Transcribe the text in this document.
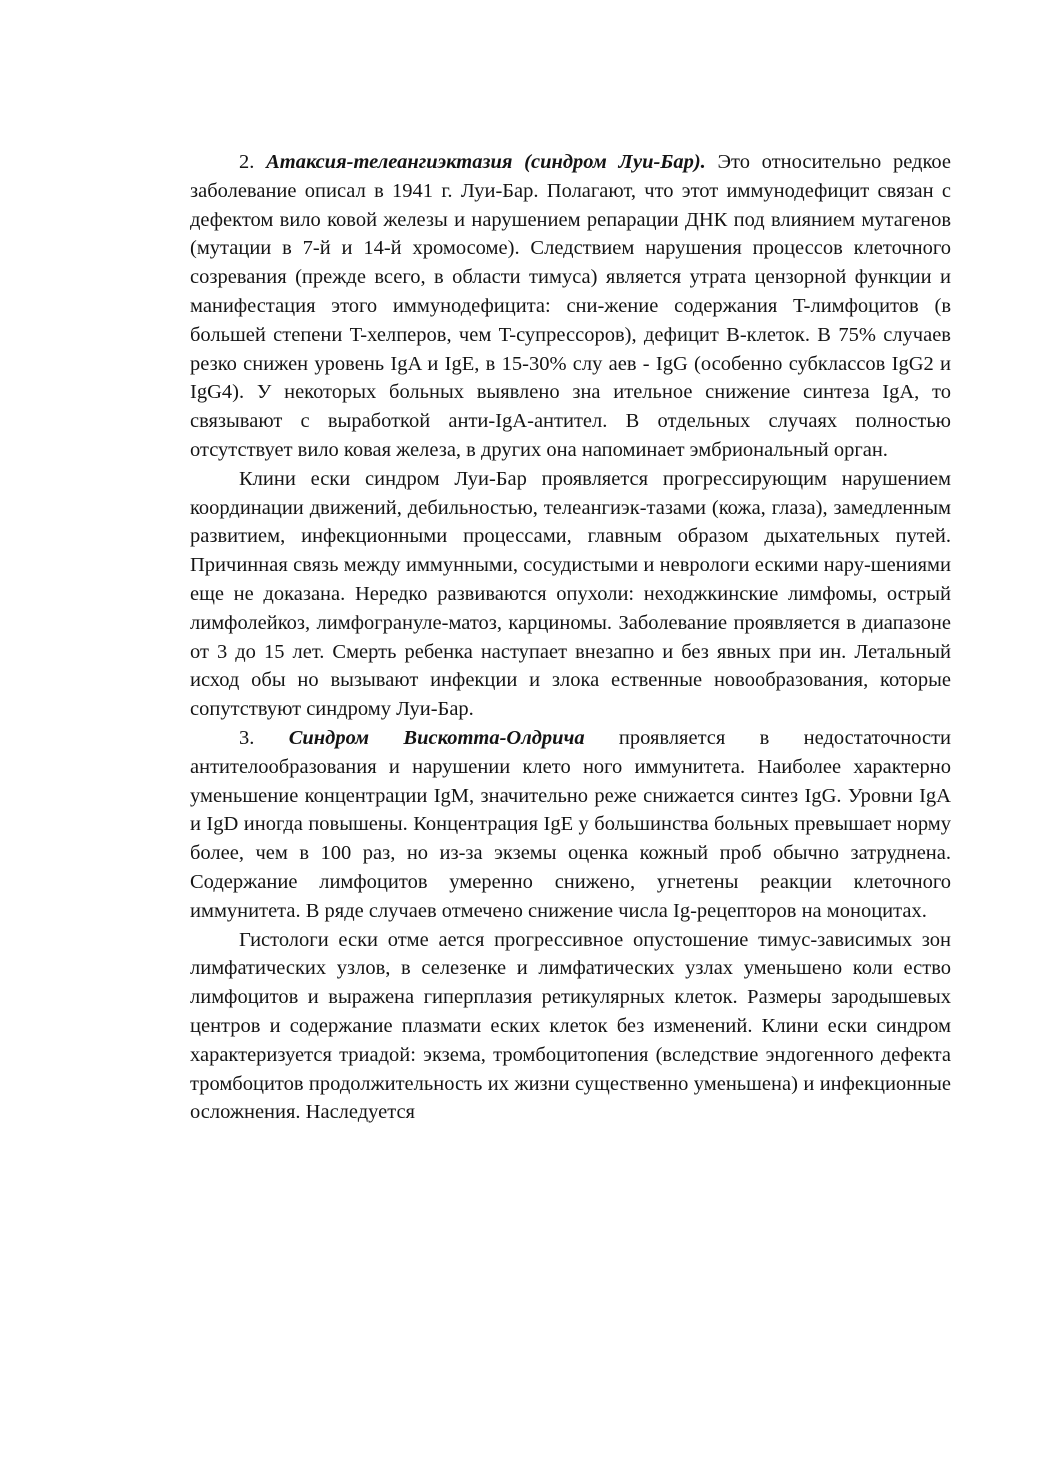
2. Атаксия-телеангиэктазия (синдром Луи-Бар). Это относительно редкое заболевание описал в 1941 г. Луи-Бар. Полагают, что этот иммунодефицит связан с дефектом вило ковой железы и нарушением репарации ДНК под влиянием мутагенов (мутации в 7-й и 14-й хромосоме). Следствием нарушения процессов клеточного созревания (прежде всего, в области тимуса) является утрата цензорной функции и манифестация этого иммунодефицита: сни-жение содержания T-лимфоцитов (в большей степени T-хелперов, чем T-супрессоров), дефицит B-клеток. В 75% случаев резко снижен уровень IgA и IgE, в 15-30% слу аев - IgG (особенно субклассов IgG2 и IgG4). У некоторых больных выявлено зна ительное снижение синтеза IgA, то связывают с выработкой анти-IgA-антител. В отдельных случаях полностью отсутствует вило ковая железа, в других она напоминает эмбриональный орган.

Клини ески синдром Луи-Бар проявляется прогрессирующим нарушением координации движений, дебильностью, телеангиэк-тазами (кожа, глаза), замедленным развитием, инфекционными процессами, главным образом дыхательных путей. Причинная связь между иммунными, сосудистыми и неврологи ескими нару-шениями еще не доказана. Нередко развиваются опухоли: неходжкинские лимфомы, острый лимфолейкоз, лимфогрануле-матоз, карциномы. Заболевание проявляется в диапазоне от 3 до 15 лет. Смерть ребенка наступает внезапно и без явных при ин. Летальный исход обы но вызывают инфекции и злока ественные новообразования, которые сопутствуют синдрому Луи-Бар.

3. Синдром Вискотта-Олдрича проявляется в недостаточности антителообразования и нарушении клето ного иммунитета. Наиболее характерно уменьшение концентрации IgM, значительно реже снижается синтез IgG. Уровни IgA и IgD иногда повышены. Концентрация IgE у большинства больных превышает норму более, чем в 100 раз, но из-за экземы оценка кожный проб обычно затруднена. Содержание лимфоцитов умеренно снижено, угнетены реакции клеточного иммунитета. В ряде случаев отмечено снижение числа Ig-рецепторов на моноцитах.

Гистологи ески отме ается прогрессивное опустошение тимус-зависимых зон лимфатических узлов, в селезенке и лимфатических узлах уменьшено коли ество лимфоцитов и выражена гиперплазия ретикулярных клеток. Размеры зародышевых центров и содержание плазмати еских клеток без изменений. Клини ески синдром характеризуется триадой: экзема, тромбоцитопения (вследствие эндогенного дефекта тромбоцитов продолжительность их жизни существенно уменьшена) и инфекционные осложнения. Наследуется
